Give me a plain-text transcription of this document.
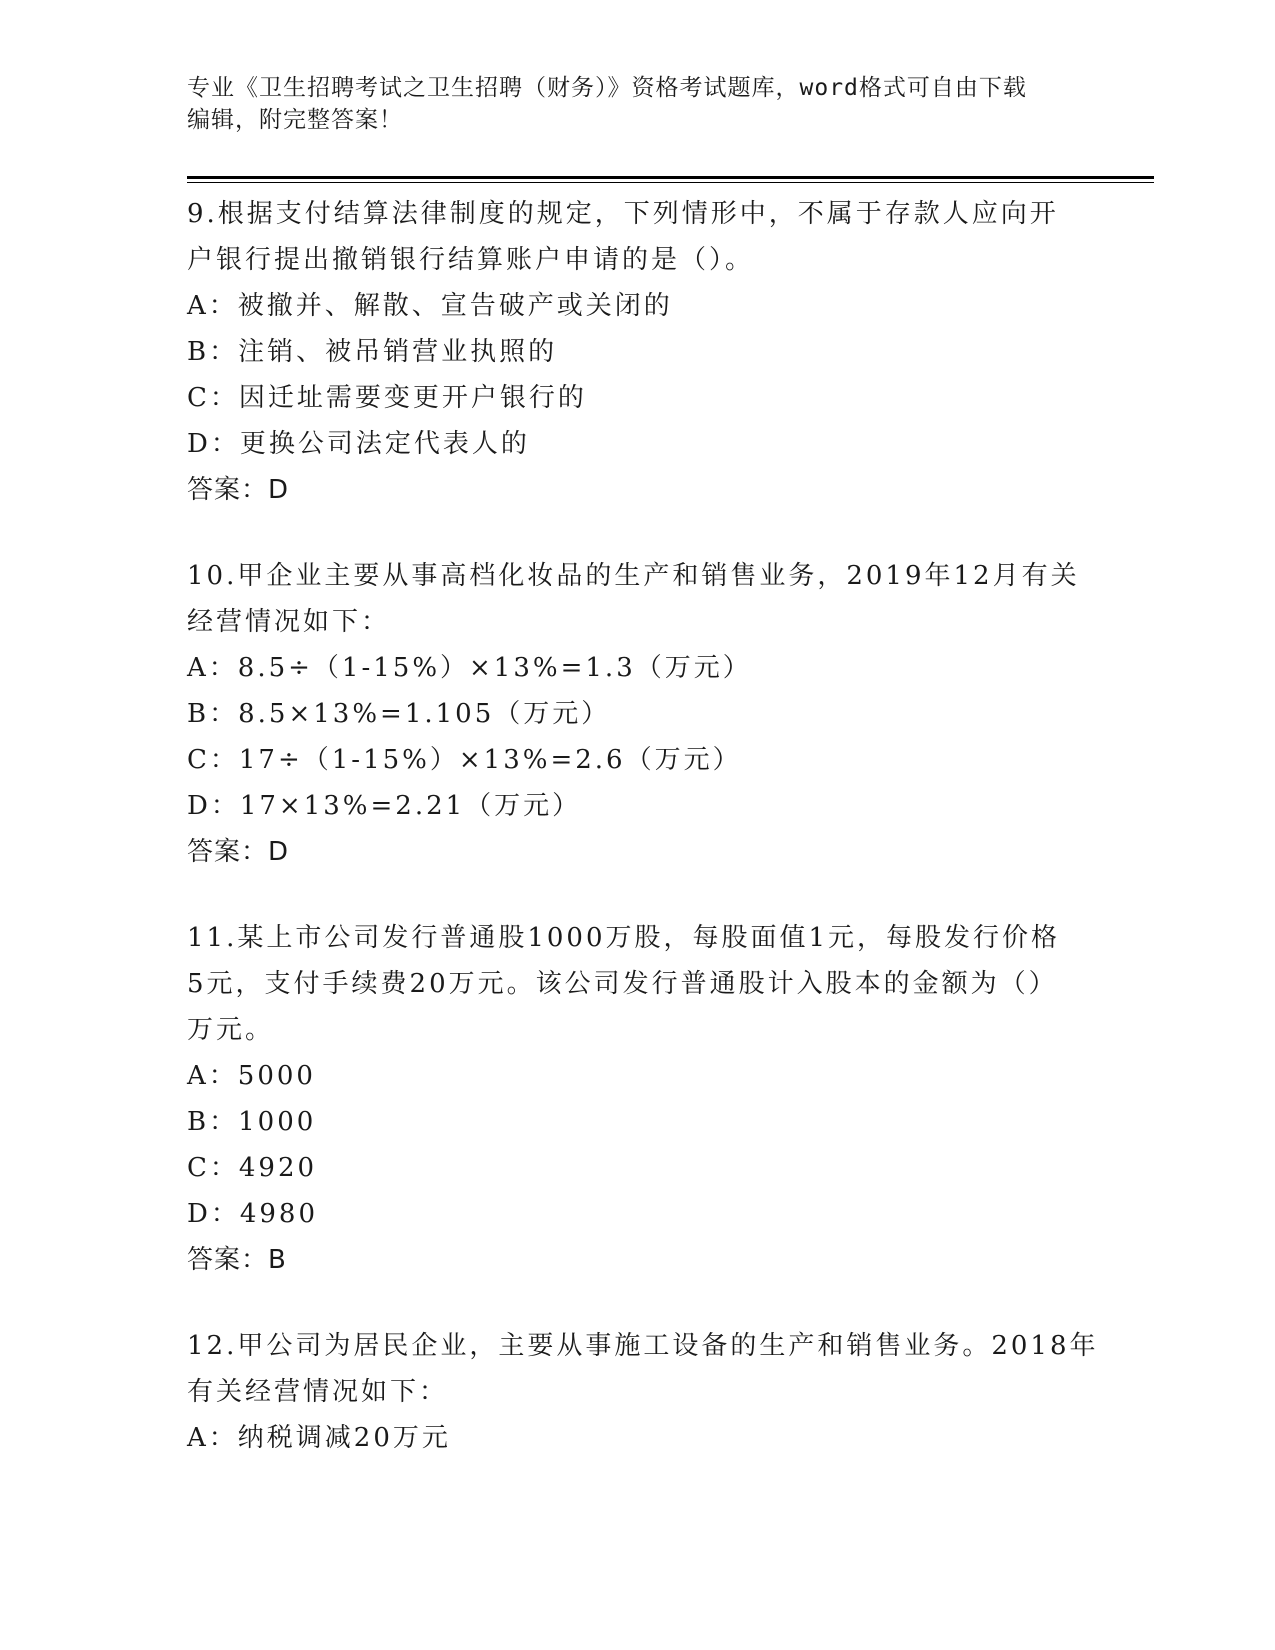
专业《卫生招聘考试之卫生招聘（财务）》资格考试题库，word格式可自由下载
编辑，附完整答案！
9.根据支付结算法律制度的规定，下列情形中，不属于存款人应向开
户银行提出撤销银行结算账户申请的是（）。
A：被撤并、解散、宣告破产或关闭的
B：注销、被吊销营业执照的
C：因迁址需要变更开户银行的
D：更换公司法定代表人的
答案：D
10.甲企业主要从事高档化妆品的生产和销售业务，2019年12月有关
经营情况如下：
A：8.5÷（1-15%）×13%=1.3（万元）
B：8.5×13%=1.105（万元）
C：17÷（1-15%）×13%=2.6（万元）
D：17×13%=2.21（万元）
答案：D
11.某上市公司发行普通股1000万股，每股面值1元，每股发行价格
5元，支付手续费20万元。该公司发行普通股计入股本的金额为（）
万元。
A：5000
B：1000
C：4920
D：4980
答案：B
12.甲公司为居民企业，主要从事施工设备的生产和销售业务。2018年
有关经营情况如下：
A：纳税调减20万元
